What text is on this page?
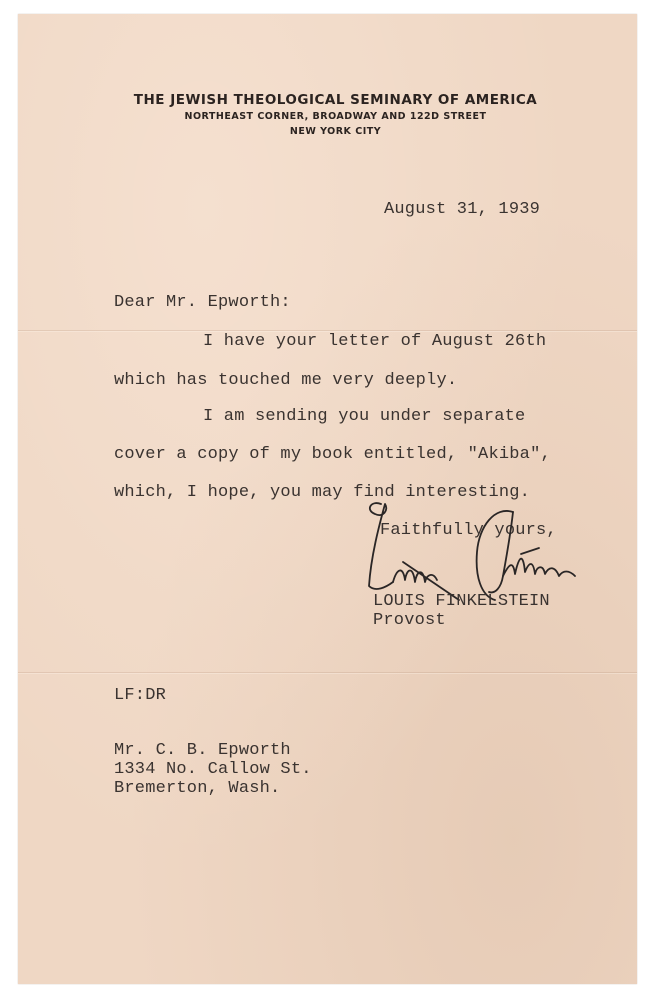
THE JEWISH THEOLOGICAL SEMINARY OF AMERICA
NORTHEAST CORNER, BROADWAY AND 122D STREET
NEW YORK CITY
August 31, 1939
Dear Mr. Epworth:
I have your letter of August 26th
which has touched me very deeply.
I am sending you under separate
cover a copy of my book entitled, "Akiba",
which, I hope, you may find interesting.
Faithfully yours,
LOUIS FINKELSTEIN
Provost
LF:DR
Mr. C. B. Epworth
1334 No. Callow St.
Bremerton, Wash.
